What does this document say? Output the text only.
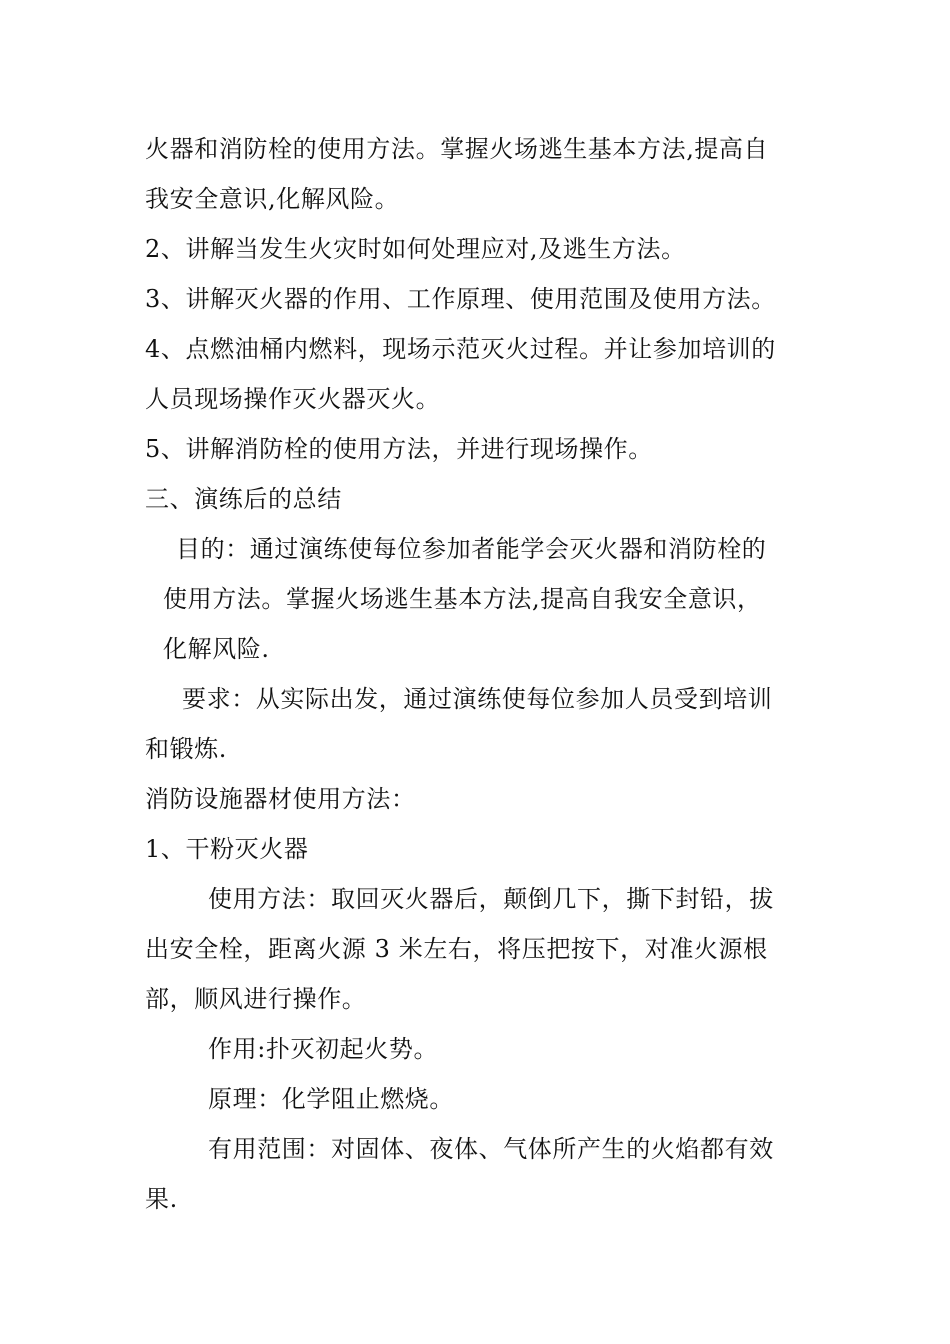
火器和消防栓的使用方法。掌握火场逃生基本方法,提高自
我安全意识,化解风险。
2、讲解当发生火灾时如何处理应对,及逃生方法。
3、讲解灭火器的作用、工作原理、使用范围及使用方法。
4、点燃油桶内燃料，现场示范灭火过程。并让参加培训的
人员现场操作灭火器灭火。
5、讲解消防栓的使用方法，并进行现场操作。
三、演练后的总结
目的：通过演练使每位参加者能学会灭火器和消防栓的
使用方法。掌握火场逃生基本方法,提高自我安全意识，
化解风险.
要求：从实际出发，通过演练使每位参加人员受到培训
和锻炼.
消防设施器材使用方法：
1、干粉灭火器
使用方法：取回灭火器后，颠倒几下，撕下封铅，拔
出安全栓，距离火源 3 米左右，将压把按下，对准火源根
部，顺风进行操作。
作用:扑灭初起火势。
原理：化学阻止燃烧。
有用范围：对固体、夜体、气体所产生的火焰都有效
果.
